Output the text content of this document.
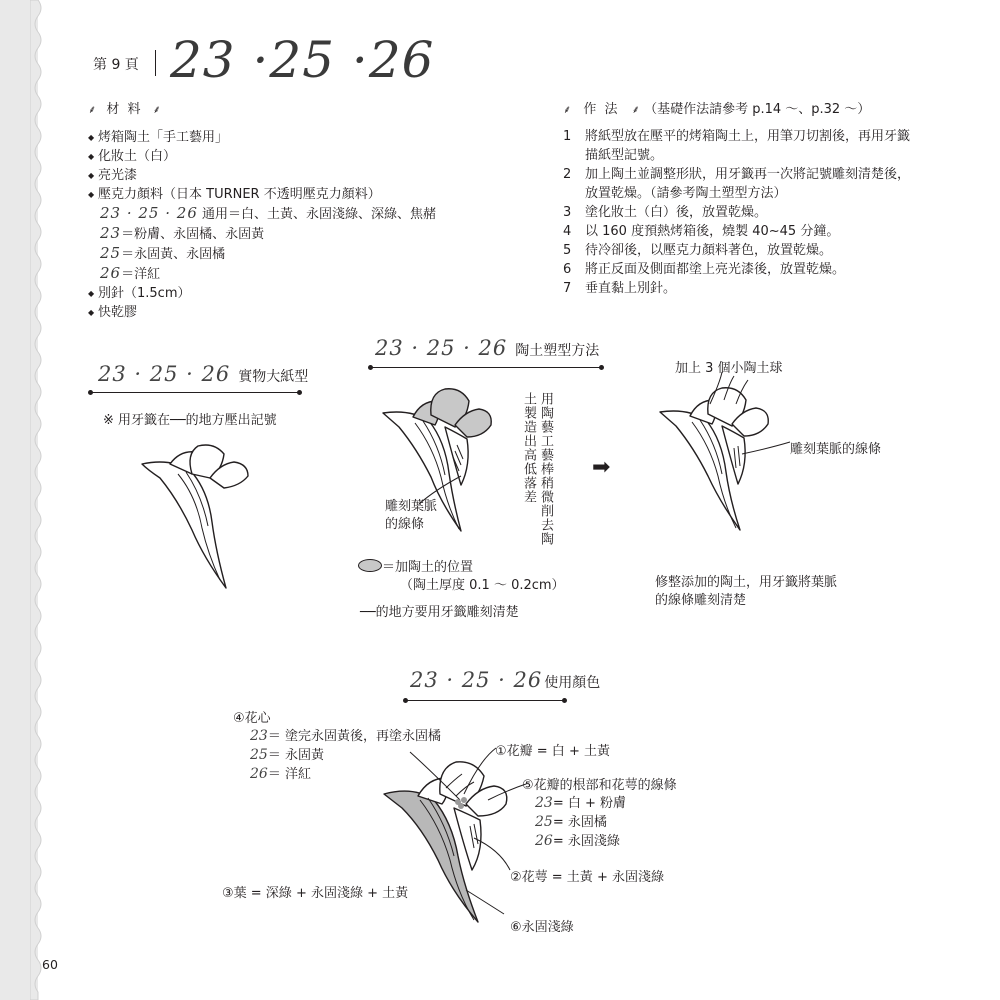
第 9 頁 23 ·25 ·26
⸙ 材 料 ⸙
◆ 烤箱陶土「手工藝用」
◆ 化妝土（白）
◆ 亮光漆
◆ 壓克力顏料（日本 TURNER 不透明壓克力顏料）
23 · 25 · 26 通用＝白、土黃、永固淺綠、深綠、焦赭
23＝粉膚、永固橘、永固黃
25＝永固黃、永固橘
26＝洋紅
◆ 別針（1.5cm）
◆ 快乾膠
⸙ 作 法 ⸙ （基礎作法請參考 p.14 ～、p.32 ～）
1 將紙型放在壓平的烤箱陶土上，用筆刀切割後，再用牙籤
描紙型記號。
2 加上陶土並調整形狀，用牙籤再一次將記號雕刻清楚後，
放置乾燥。（請參考陶土塑型方法）
3 塗化妝土（白）後，放置乾燥。
4 以 160 度預熱烤箱後，燒製 40~45 分鐘。
5 待冷卻後，以壓克力顏料著色，放置乾燥。
6 將正反面及側面都塗上亮光漆後，放置乾燥。
7 垂直黏上別針。
23 · 25 · 26 實物大紙型
※ 用牙籤在──的地方壓出記號
23 · 25 · 26 陶土塑型方法
用陶藝工藝棒稍微削去陶
土製造出高低落差
雕刻葉脈
的線條
➡
加上 3 個小陶土球
雕刻葉脈的線條
＝加陶土的位置
（陶土厚度 0.1 ～ 0.2cm）
──的地方要用牙籤雕刻清楚
修整添加的陶土，用牙籤將葉脈
的線條雕刻清楚
23 · 25 · 26 使用顏色
④花心
23＝ 塗完永固黃後，再塗永固橘
25＝ 永固黃
26＝ 洋紅
①花瓣 = 白 + 土黃
⑤花瓣的根部和花萼的線條
23= 白 + 粉膚
25= 永固橘
26= 永固淺綠
②花萼 = 土黃 + 永固淺綠
③葉 = 深綠 + 永固淺綠 + 土黃
⑥永固淺綠
60
